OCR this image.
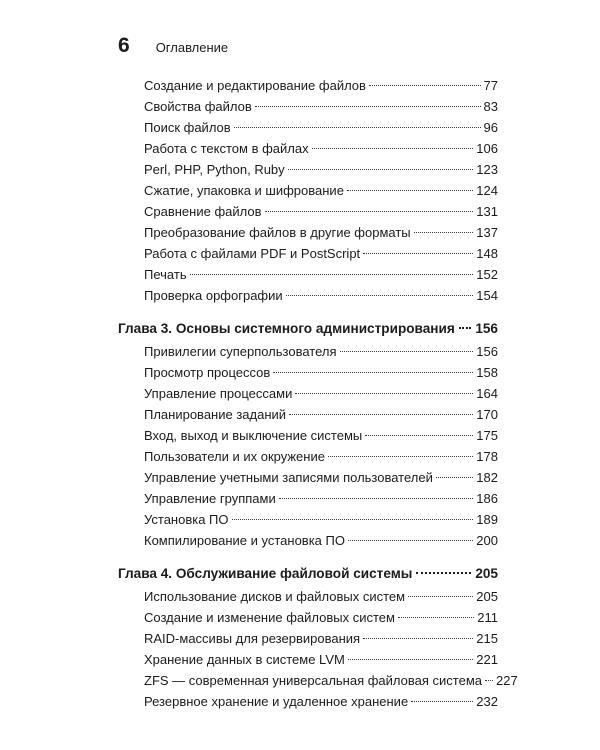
6 Оглавление
Создание и редактирование файлов	77
Свойства файлов	83
Поиск файлов	96
Работа с текстом в файлах	106
Perl, PHP, Python, Ruby	123
Сжатие, упаковка и шифрование	124
Сравнение файлов	131
Преобразование файлов в другие форматы	137
Работа с файлами PDF и PostScript	148
Печать	152
Проверка орфографии	154
Глава 3. Основы системного администрирования 156
Привилегии суперпользователя	156
Просмотр процессов	158
Управление процессами	164
Планирование заданий	170
Вход, выход и выключение системы	175
Пользователи и их окружение	178
Управление учетными записями пользователей	182
Управление группами	186
Установка ПО	189
Компилирование и установка ПО	200
Глава 4. Обслуживание файловой системы	205
Использование дисков и файловых систем	205
Создание и изменение файловых систем	211
RAID-массивы для резервирования	215
Хранение данных в системе LVM	221
ZFS — современная универсальная файловая система 227
Резервное хранение и удаленное хранение	232
